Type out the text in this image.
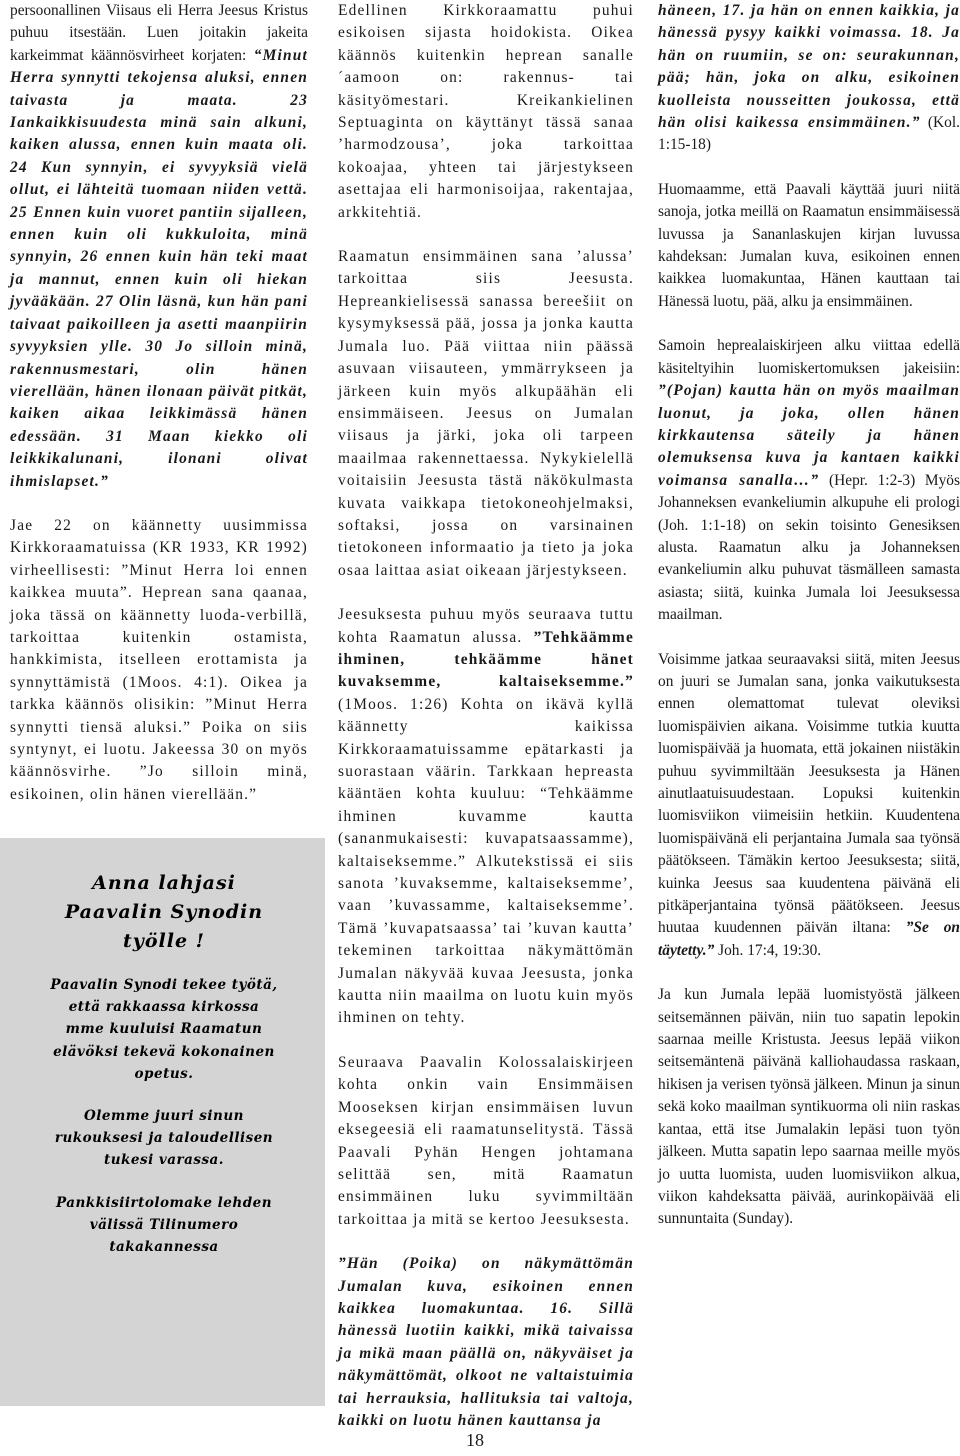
persoonallinen Viisaus eli Herra Jeesus Kristus puhuu itsestään. Luen joitakin jakeita karkeimmat käännösvirheet korjaten: “Minut Herra synnytti tekojensa aluksi, ennen taivasta ja maata. 23 Iankaikkisuudesta minä sain alkuni, kaiken alussa, ennen kuin maata oli. 24 Kun synnyin, ei syvyyksiä vielä ollut, ei lähteitä tuomaan niiden vettä. 25 Ennen kuin vuoret pantiin sijalleen, ennen kuin oli kukkuloita, minä synnyin, 26 ennen kuin hän teki maat ja mannut, ennen kuin oli hiekan jyvääkään. 27 Olin läsnä, kun hän pani taivaat paikoilleen ja asetti maanpiirin syvyyksien ylle. 30 Jo silloin minä, rakennusmestari, olin hänen vierellään, hänen ilonaan päivät pitkät, kaiken aikaa leikkimässä hänen edessään. 31 Maan kiekko oli leikkikalunani, ilonani olivat ihmislapset.”

Jae 22 on käännetty uusimmissa Kirkkoraamatuissa (KR 1933, KR 1992) virheellisesti: ”Minut Herra loi ennen kaikkea muuta”. Heprean sana qaanaa, joka tässä on käännetty luoda-verbillä, tarkoittaa kuitenkin ostamista, hankkimista, itselleen erottamista ja synnyttämistä (1Moos. 4:1). Oikea ja tarkka käännös olisikin: ”Minut Herra synnytti tiensä aluksi.” Poika on siis syntynyt, ei luotu. Jakeessa 30 on myös käännösvirhe. ”Jo silloin minä, esikoinen, olin hänen vierellään.”

Anna lahjasi Paavalin Synodin työlle !
Paavalin Synodi tekee työtä, että rakkaassa kirkossa mme kuuluisi Raamatun elävöksi tekevä kokonainen opetus.
Olemme juuri sinun rukouksesi ja taloudellisen tukesi varassa.
Pankkisiirtolomake lehden välissä Tilinumero takakannessa

Edellinen Kirkkoraamattu puhui esikoisen sijasta hoidokista. Oikea käännös kuitenkin heprean sanalle ´aamoon on: rakennus- tai käsityömestari. Kreikankielinen Septuaginta on käyttänyt tässä sanaa ’harmodzousa’, joka tarkoittaa kokoajaa, yhteen tai järjestykseen asettajaa eli harmonisoijaa, rakentajaa, arkkitehtiä.

Raamatun ensimmäinen sana ’alussa’ tarkoittaa siis Jeesusta. Hepreankielisessä sanassa bereešiit on kysymyksessä pää, jossa ja jonka kautta Jumala luo. Pää viittaa niin päässä asuvaan viisauteen, ymmärrykseen ja järkeen kuin myös alkupäähän eli ensimmäiseen. Jeesus on Jumalan viisaus ja järki, joka oli tarpeen maailmaa rakennettaessa. Nykykielellä voitaisiin Jeesusta tästä näkökulmasta kuvata vaikkapa tietokoneohjelmaksi, softaksi, jossa on varsinainen tietokoneen informaatio ja tieto ja joka osaa laittaa asiat oikeaan järjestykseen.

Jeesuksesta puhuu myös seuraava tuttu kohta Raamatun alussa. ”Tehkäämme ihminen, tehkäämme hänet kuvaksemme, kaltaiseksemme.” (1Moos. 1:26) Kohta on ikävä kyllä käännetty kaikissa Kirkkoraamatuissamme epätarkasti ja suorastaan väärin. Tarkkaan hepreasta kääntäen kohta kuuluu: “Tehkäämme ihminen kuvamme kautta (sananmukaisesti: kuvapatsaassamme), kaltaiseksemme.” Alkutekstissä ei siis sanota ’kuvaksemme, kaltaiseksemme’, vaan ’kuvassamme, kaltaiseksemme’. Tämä ’kuvapatsaassa’ tai ’kuvan kautta’ tekeminen tarkoittaa näkymättömän Jumalan näkyvää kuvaa Jeesusta, jonka kautta niin maailma on luotu kuin myös ihminen on tehty.

Seuraava Paavalin Kolossalaiskirjeen kohta onkin vain Ensimmäisen Mooseksen kirjan ensimmäisen luvun eksegeesiä eli raamatunselitystä. Tässä Paavali Pyhän Hengen johtamana selittää sen, mitä Raamatun ensimmäinen luku syvimmiltään tarkoittaa ja mitä se kertoo Jeesuksesta.

”Hän (Poika) on näkymättömän Jumalan kuva, esikoinen ennen kaikkea luomakuntaa. 16. Sillä hänessä luotiin kaikki, mikä taivaissa ja mikä maan päällä on, näkyväiset ja näkymättömät, olkoot ne valtaistuimia tai herrauksia, hallituksia tai valtoja, kaikki on luotu hänen kauttansa ja

häneen, 17. ja hän on ennen kaikkia, ja hänessä pysyy kaikki voimassa. 18. Ja hän on ruumiin, se on: seurakunnan, pää; hän, joka on alku, esikoinen kuolleista nousseitten joukossa, että hän olisi kaikessa ensimmäinen.” (Kol. 1:15-18)

Huomaamme, että Paavali käyttää juuri niitä sanoja, jotka meillä on Raamatun ensimmäisessä luvussa ja Sananlaskujen kirjan luvussa kahdeksan: Jumalan kuva, esikoinen ennen kaikkea luomakuntaa, Hänen kauttaan tai Hänessä luotu, pää, alku ja ensimmäinen.

Samoin heprealaiskirjeen alku viittaa edellä käsiteltyihin luomiskertomuksen jakeisiin: ”(Pojan) kautta hän on myös maailman luonut, ja joka, ollen hänen kirkkautensa säteily ja hänen olemuksensa kuva ja kantaen kaikki voimansa sanalla…” (Hepr. 1:2-3) Myös Johanneksen evankeliumin alkupuhe eli prologi (Joh. 1:1-18) on sekin toisinto Genesiksen alusta. Raamatun alku ja Johanneksen evankeliumin alku puhuvat täsmälleen samasta asiasta; siitä, kuinka Jumala loi Jeesuksessa maailman.

Voisimme jatkaa seuraavaksi siitä, miten Jeesus on juuri se Jumalan sana, jonka vaikutuksesta ennen olemattomat tulevat oleviksi luomispäivien aikana. Voisimme tutkia kuutta luomispäivää ja huomata, että jokainen niistäkin puhuu syvimmiltään Jeesuksesta ja Hänen ainutlaatuisuudestaan. Lopuksi kuitenkin luomisviikon viimeisiin hetkiin. Kuudentena luomispäivänä eli perjantaina Jumala saa työnsä päätökseen. Tämäkin kertoo Jeesuksesta; siitä, kuinka Jeesus saa kuudentena päivänä eli pitkäperjantaina työnsä päätökseen. Jeesus huutaa kuudennen päivän iltana: ”Se on täytetty.” Joh. 17:4, 19:30.

Ja kun Jumala lepää luomistyöstä jälkeen seitsemännen päivän, niin tuo sapatin lepokin saarnaa meille Kristusta. Jeesus lepää viikon seitsemäntenä päivänä kalliohaudassa raskaan, hikisen ja verisen työnsä jälkeen. Minun ja sinun sekä koko maailman syntikuorma oli niin raskas kantaa, että itse Jumalakin lepäsi tuon työn jälkeen. Mutta sapatin lepo saarnaa meille myös jo uutta luomista, uuden luomisviikon alkua, viikon kahdeksatta päivää, aurinkopäivää eli sunnuntaita (Sunday).

18
